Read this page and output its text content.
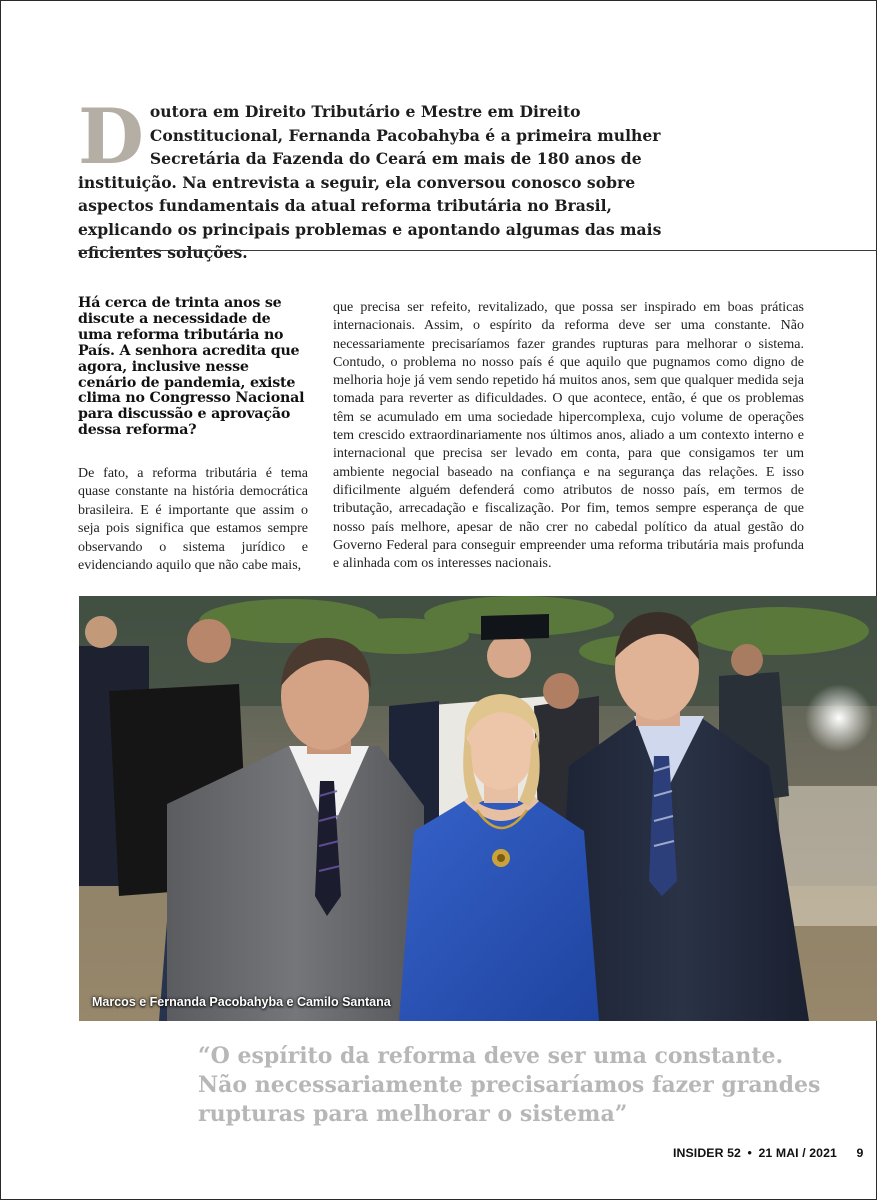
D outora em Direito Tributário e Mestre em Direito Constitucional, Fernanda Pacobahyba é a primeira mulher Secretária da Fazenda do Ceará em mais de 180 anos de instituição. Na entrevista a seguir, ela conversou conosco sobre aspectos fundamentais da atual reforma tributária no Brasil, explicando os principais problemas e apontando algumas das mais eficientes soluções.
Há cerca de trinta anos se discute a necessidade de uma reforma tributária no País. A senhora acredita que agora, inclusive nesse cenário de pandemia, existe clima no Congresso Nacional para discussão e aprovação dessa reforma?

De fato, a reforma tributária é tema quase constante na história democrática brasileira. E é importante que assim o seja pois significa que estamos sempre observando o sistema jurídico e evidenciando aquilo que não cabe mais,

que precisa ser refeito, revitalizado, que possa ser inspirado em boas práticas internacionais. Assim, o espírito da reforma deve ser uma constante. Não necessariamente precisaríamos fazer grandes rupturas para melhorar o sistema. Contudo, o problema no nosso país é que aquilo que pugnamos como digno de melhoria hoje já vem sendo repetido há muitos anos, sem que qualquer medida seja tomada para reverter as dificuldades. O que acontece, então, é que os problemas têm se acumulado em uma sociedade hipercomplexa, cujo volume de operações tem crescido extraordinariamente nos últimos anos, aliado a um contexto interno e internacional que precisa ser levado em conta, para que consigamos ter um ambiente negocial baseado na confiança e na segurança das relações. E isso dificilmente alguém defenderá como atributos de nosso país, em termos de tributação, arrecadação e fiscalização. Por fim, temos sempre esperança de que nosso país melhore, apesar de não crer no cabedal político da atual gestão do Governo Federal para conseguir empreender uma reforma tributária mais profunda e alinhada com os interesses nacionais.

Marcos e Fernanda Pacobahyba e Camilo Santana
“O espírito da reforma deve ser uma constante. Não necessariamente precisaríamos fazer grandes rupturas para melhorar o sistema”
INSIDER 52 • 21 MAI / 2021 9
